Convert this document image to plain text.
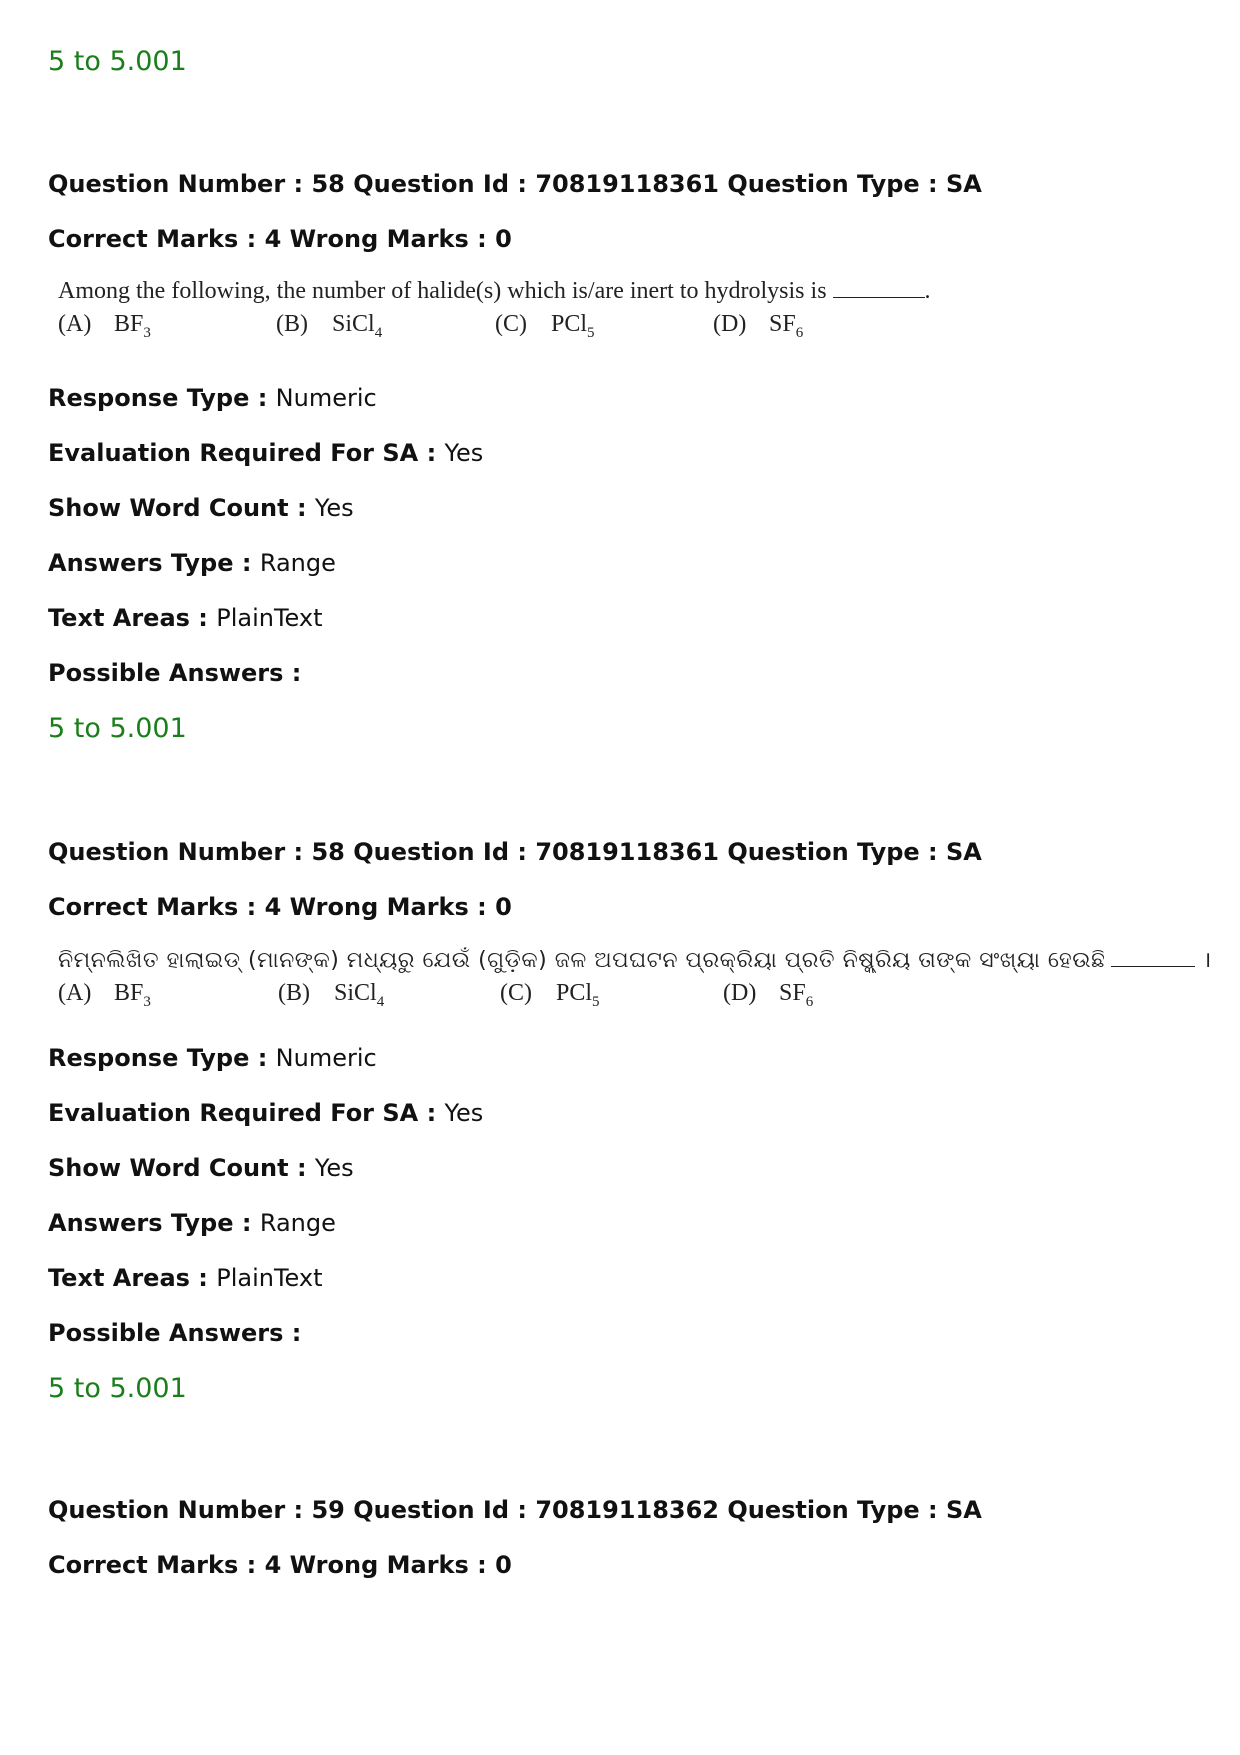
5 to 5.001
Question Number : 58 Question Id : 70819118361 Question Type : SA
Correct Marks : 4 Wrong Marks : 0
Among the following, the number of halide(s) which is/are inert to hydrolysis is	.
(A) $BF_3$	(B) SiCl$_4$	(C) PCl$_5$	(D) $SF_6$
Response Type : Numeric
Evaluation Required For SA : Yes
Show Word Count : Yes
Answers Type : Range
Text Areas : PlainText
Possible Answers :
5 to 5.001
Question Number : 58 Question Id : 70819118361 Question Type : SA
Correct Marks : 4 Wrong Marks : 0
ନିମ୍ନଲିଖିତ ହାଲାଇଡ୍ (ମାନଙ୍କ) ମଧ୍ୟରୁ ଯେଉଁ (ଗୁଡ଼ିକ) ଜଳ ଅପଘଟନ ପ୍ରକ୍ରିୟା ପ୍ରତି ନିଷ୍କ୍ରିୟ ତାଙ୍କ ସଂଖ୍ୟା ହେଉଛି	।
(A) $BF_3$	(B) SiCl$_4$	(C) PCl$_5$	(D) $SF_6$
Response Type : Numeric
Evaluation Required For SA : Yes
Show Word Count : Yes
Answers Type : Range
Text Areas : PlainText
Possible Answers :
5 to 5.001
Question Number : 59 Question Id : 70819118362 Question Type : SA
Correct Marks : 4 Wrong Marks : 0
